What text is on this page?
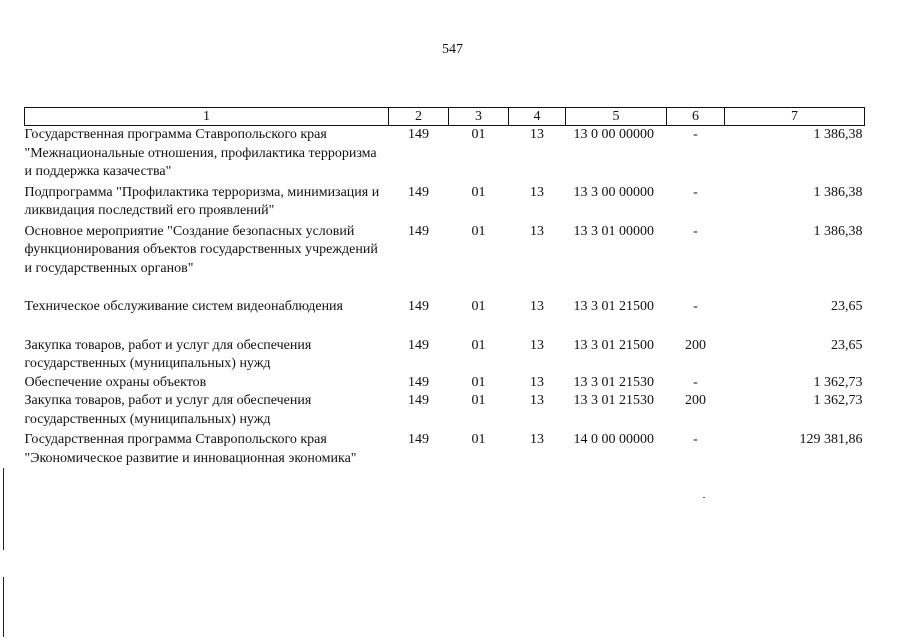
547
1	2	3	4	5	6	7
Государственная программа Ставропольского края "Межнациональные отношения, профилактика терроризма и поддержка казачества"	149	01	13	13 0 00 00000	-	1 386,38
Подпрограмма "Профилактика терроризма, минимизация и ликвидация последствий его проявлений"	149	01	13	13 3 00 00000	-	1 386,38
Основное мероприятие "Создание безопасных условий функционирования объектов государственных учреждений и государственных органов"	149	01	13	13 3 01 00000	-	1 386,38
Техническое обслуживание систем видеонаблюдения	149	01	13	13 3 01 21500	-	23,65
Закупка товаров, работ и услуг для обеспечения государственных (муниципальных) нужд	149	01	13	13 3 01 21500	200	23,65
Обеспечение охраны объектов	149	01	13	13 3 01 21530	-	1 362,73
Закупка товаров, работ и услуг для обеспечения государственных (муниципальных) нужд	149	01	13	13 3 01 21530	200	1 362,73
Государственная программа Ставропольского края "Экономическое развитие и инновационная экономика"	149	01	13	14 0 00 00000	-	129 381,86
